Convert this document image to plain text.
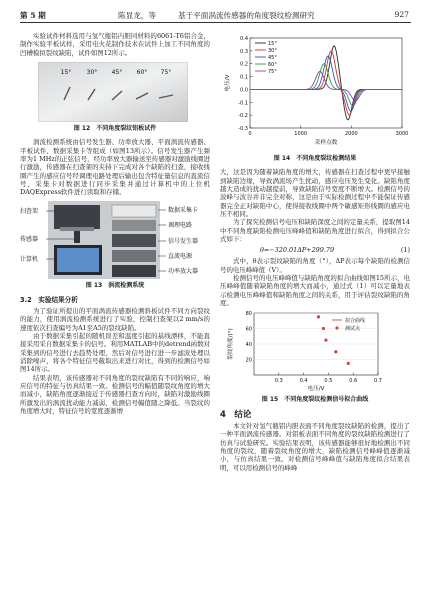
第 5 期	陈显龙，等	基于平面涡流传感器的角度裂纹检测研究	927

实验试件材料选用与氢气瓶铝内胆同材料的6061-T6铝合金，制作实验平板试样，采用电火花制作技术在试件上加工不同角度的凹槽模拟裂纹缺陷，试件如图12所示。

15°	30° 45° 60° 75°
图 12　不同角度裂纹铝板试件

涡流检测系统由信号发生器、功率放大器、平面涡流传感器、平板试件、数据采集卡等组成（如图13所示）。信号发生器产生频率为1 MHz的正弦信号，经功率放大器输送至传感器对激励线圈进行激励，传感器在扫查架的夹持下完成对各个缺陷的扫查，接收线圈产生的感应信号经调理电路处理后输出包含特征量信息的直流信号，采集卡对数据进行同步采集并通过计算机中的上位机DAQExpress软件进行读取和存储。

扫查架
传感器
计算机
数据采集卡
调理电路
信号发生器
直流电源
功率放大器
图 13　涡流检测系统
3.2　实验结果分析

为了验证所提出的平面涡流传感器检测斜板试件不同方向裂纹的能力，使用涡流检测系统进行了实验，控制扫查架以2 mm/s的速度依次扫查编号为A1至A5的裂纹缺陷。

由于数据采集引起的随机误差和温度引起的基线漂移，不能直接采用采自数据采集卡的信号。利用MATLAB中的detrend函数对采集到的信号进行去趋势处理，然后对信号进行进一步滤波处理以消除噪声，将各个特征信号截取出来进行对比，得到的检测信号如图14所示。

结果表明，该传感器对不同角度的裂纹缺陷有不同的响应，响应信号的特征与仿真结果一致。检测信号的幅值随裂纹角度的增大而减小，缺陷角度逐渐接近于传感器扫查方向时，缺陷对激励线圈所激发出的涡流扰动能力减弱，检测信号幅值随之降低。当裂纹的角度增大时，特征信号的宽度逐渐增

-0.3
-0.2
-0.1
0.0
0.1
0.2
0.3
0.4
0	1000	2000	3000
采样点数
电压/V
15°
30°
45°
60°
75°
图 14　不同角度裂纹检测结果

大，这是因为随着缺陷角度的增大，传感器在扫查过程中更早接触到缺陷边缘，导致涡流场产生扰动，感应电压发生变化。缺陷角度越大造成的扰动越提前，导致缺陷信号宽度不断增大。检测信号的波峰与波谷并非完全对称，这是由于实际检测过程中不能保证传感器完全正对缺陷中心，使得接收线圈中两个敏感矩形线圈的感应电压不相同。

为了探究检测信号电压和缺陷深度之间的定量关系，提取图14中不同角度缺陷检测电压峰峰值和缺陷角度进行拟合，得到拟合公式如下：

θ=−320.01ΔP+299.79	(1)

式中，θ表示裂纹缺陷的角度（°），ΔP表示每个缺陷的检测信号的电压峰峰值（V）。

检测信号的电压峰峰值与缺陷角度的拟合曲线如图15所示，电压峰峰值随着缺陷角度的增大而减小，通过式（1）可以定量地表示检测电压峰峰值和缺陷角度之间的关系，用于评估裂纹缺陷的角度。

20
40
60
80
0.3	0.4	0.5	0.6	0.7
电压/V
裂纹角度/(°)
拟合曲线
测试点
图 15　不同角度裂纹检测信号拟合曲线
4　结论

本文针对氢气瓶铝内胆表面不同角度裂纹缺陷的检测，提出了一种平面涡流传感器。对铝板表面不同角度的裂纹缺陷检测进行了仿真与试验研究。实验结果表明，该传感器能够很好地检测出不同角度的裂纹，随着裂纹角度的增大，缺陷检测信号峰峰值逐渐减小，与仿真结果一致。对检测信号峰峰值与缺陷角度拟合结果表明，可以用检测信号的峰峰
